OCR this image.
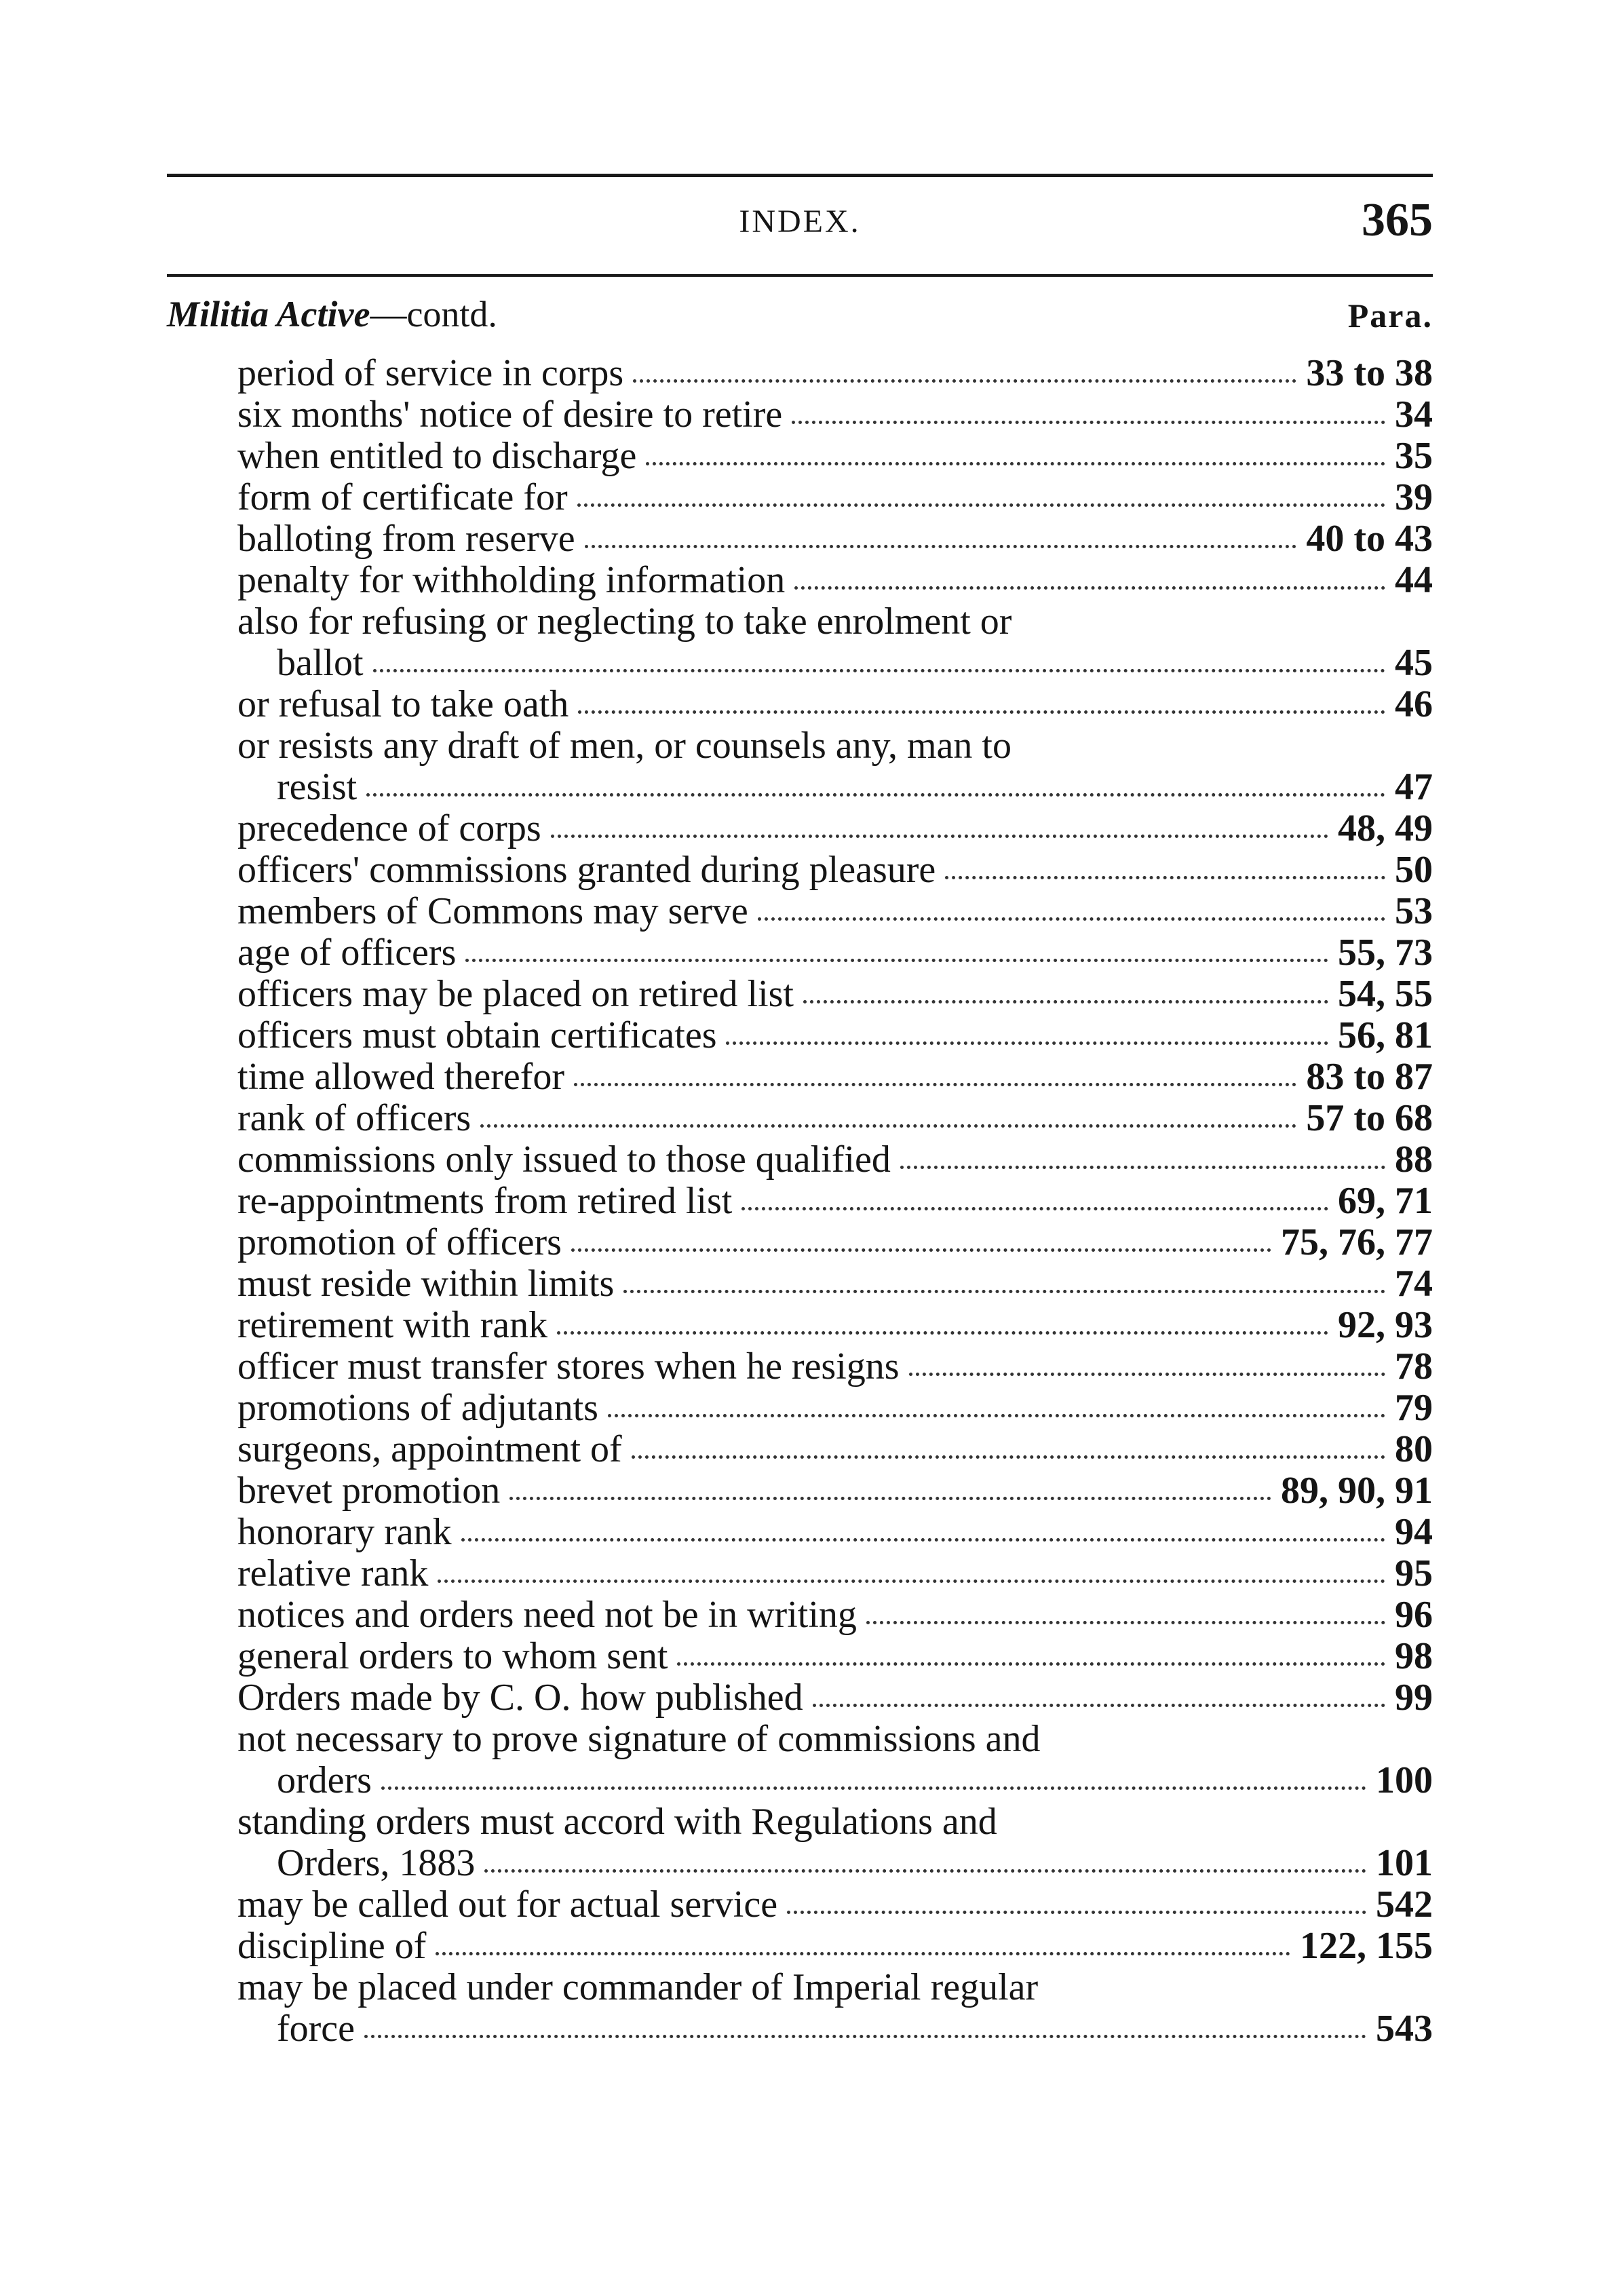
INDEX.	365
Militia Active—contd.	Para.
period of service in corps	33 to 38
six months' notice of desire to retire	34
when entitled to discharge	35
form of certificate for	39
balloting from reserve	40 to 43
penalty for withholding information	44
also for refusing or neglecting to take enrolment or
ballot	45
or refusal to take oath	46
or resists any draft of men, or counsels any, man to
resist	47
precedence of corps	48, 49
officers' commissions granted during pleasure	50
members of Commons may serve	53
age of officers	55, 73
officers may be placed on retired list	54, 55
officers must obtain certificates	56, 81
time allowed therefor	83 to 87
rank of officers	57 to 68
commissions only issued to those qualified	88
re-appointments from retired list	69, 71
promotion of officers	75, 76, 77
must reside within limits	74
retirement with rank	92, 93
officer must transfer stores when he resigns	78
promotions of adjutants	79
surgeons, appointment of	80
brevet promotion	89, 90, 91
honorary rank	94
relative rank	95
notices and orders need not be in writing	96
general orders to whom sent	98
Orders made by C. O. how published	99
not necessary to prove signature of commissions and
orders	100
standing orders must accord with Regulations and
Orders, 1883	101
may be called out for actual service	542
discipline of	122, 155
may be placed under commander of Imperial regular
force	543
